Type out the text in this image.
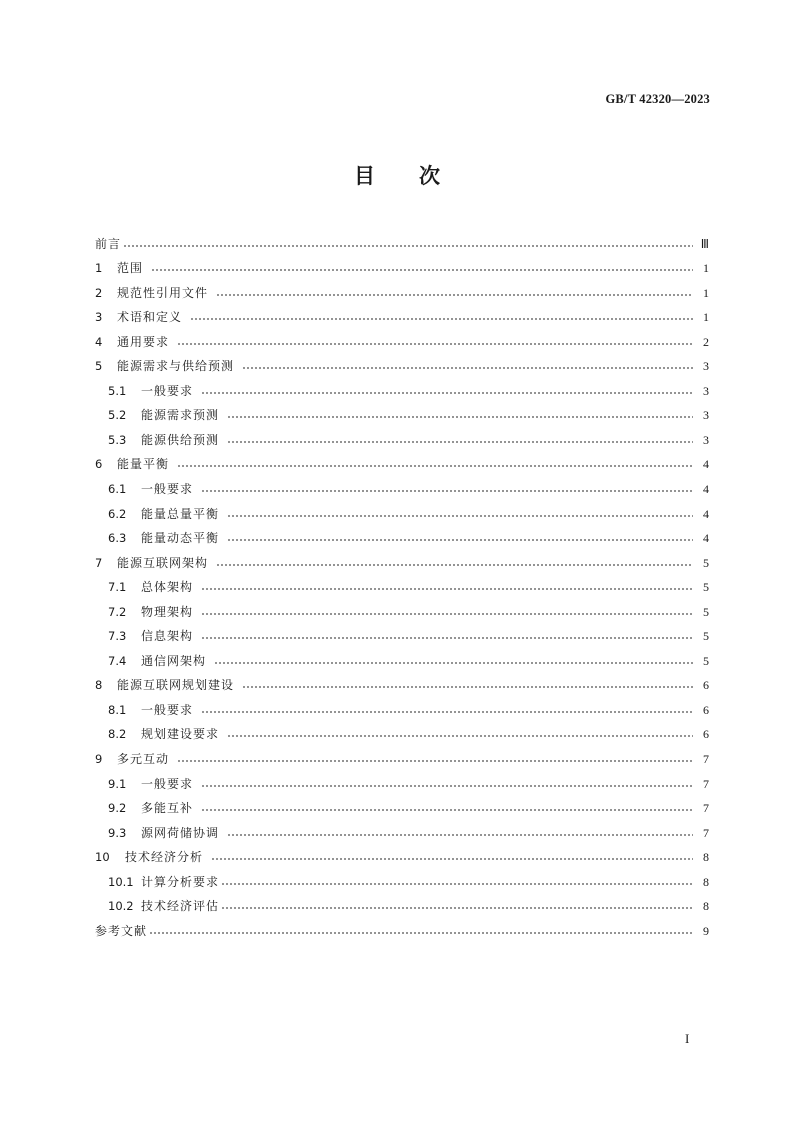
GB/T 42320—2023
目 次
前言	Ⅲ
1	范围	1
2	规范性引用文件	1
3	术语和定义	1
4	通用要求	2
5	能源需求与供给预测	3
5.1	一般要求	3
5.2	能源需求预测	3
5.3	能源供给预测	3
6	能量平衡	4
6.1	一般要求	4
6.2	能量总量平衡	4
6.3	能量动态平衡	4
7	能源互联网架构	5
7.1	总体架构	5
7.2	物理架构	5
7.3	信息架构	5
7.4	通信网架构	5
8	能源互联网规划建设	6
8.1	一般要求	6
8.2	规划建设要求	6
9	多元互动	7
9.1	一般要求	7
9.2	多能互补	7
9.3	源网荷储协调	7
10	技术经济分析	8
10.1 计算分析要求	8
10.2 技术经济评估	8
参考文献	9
I
